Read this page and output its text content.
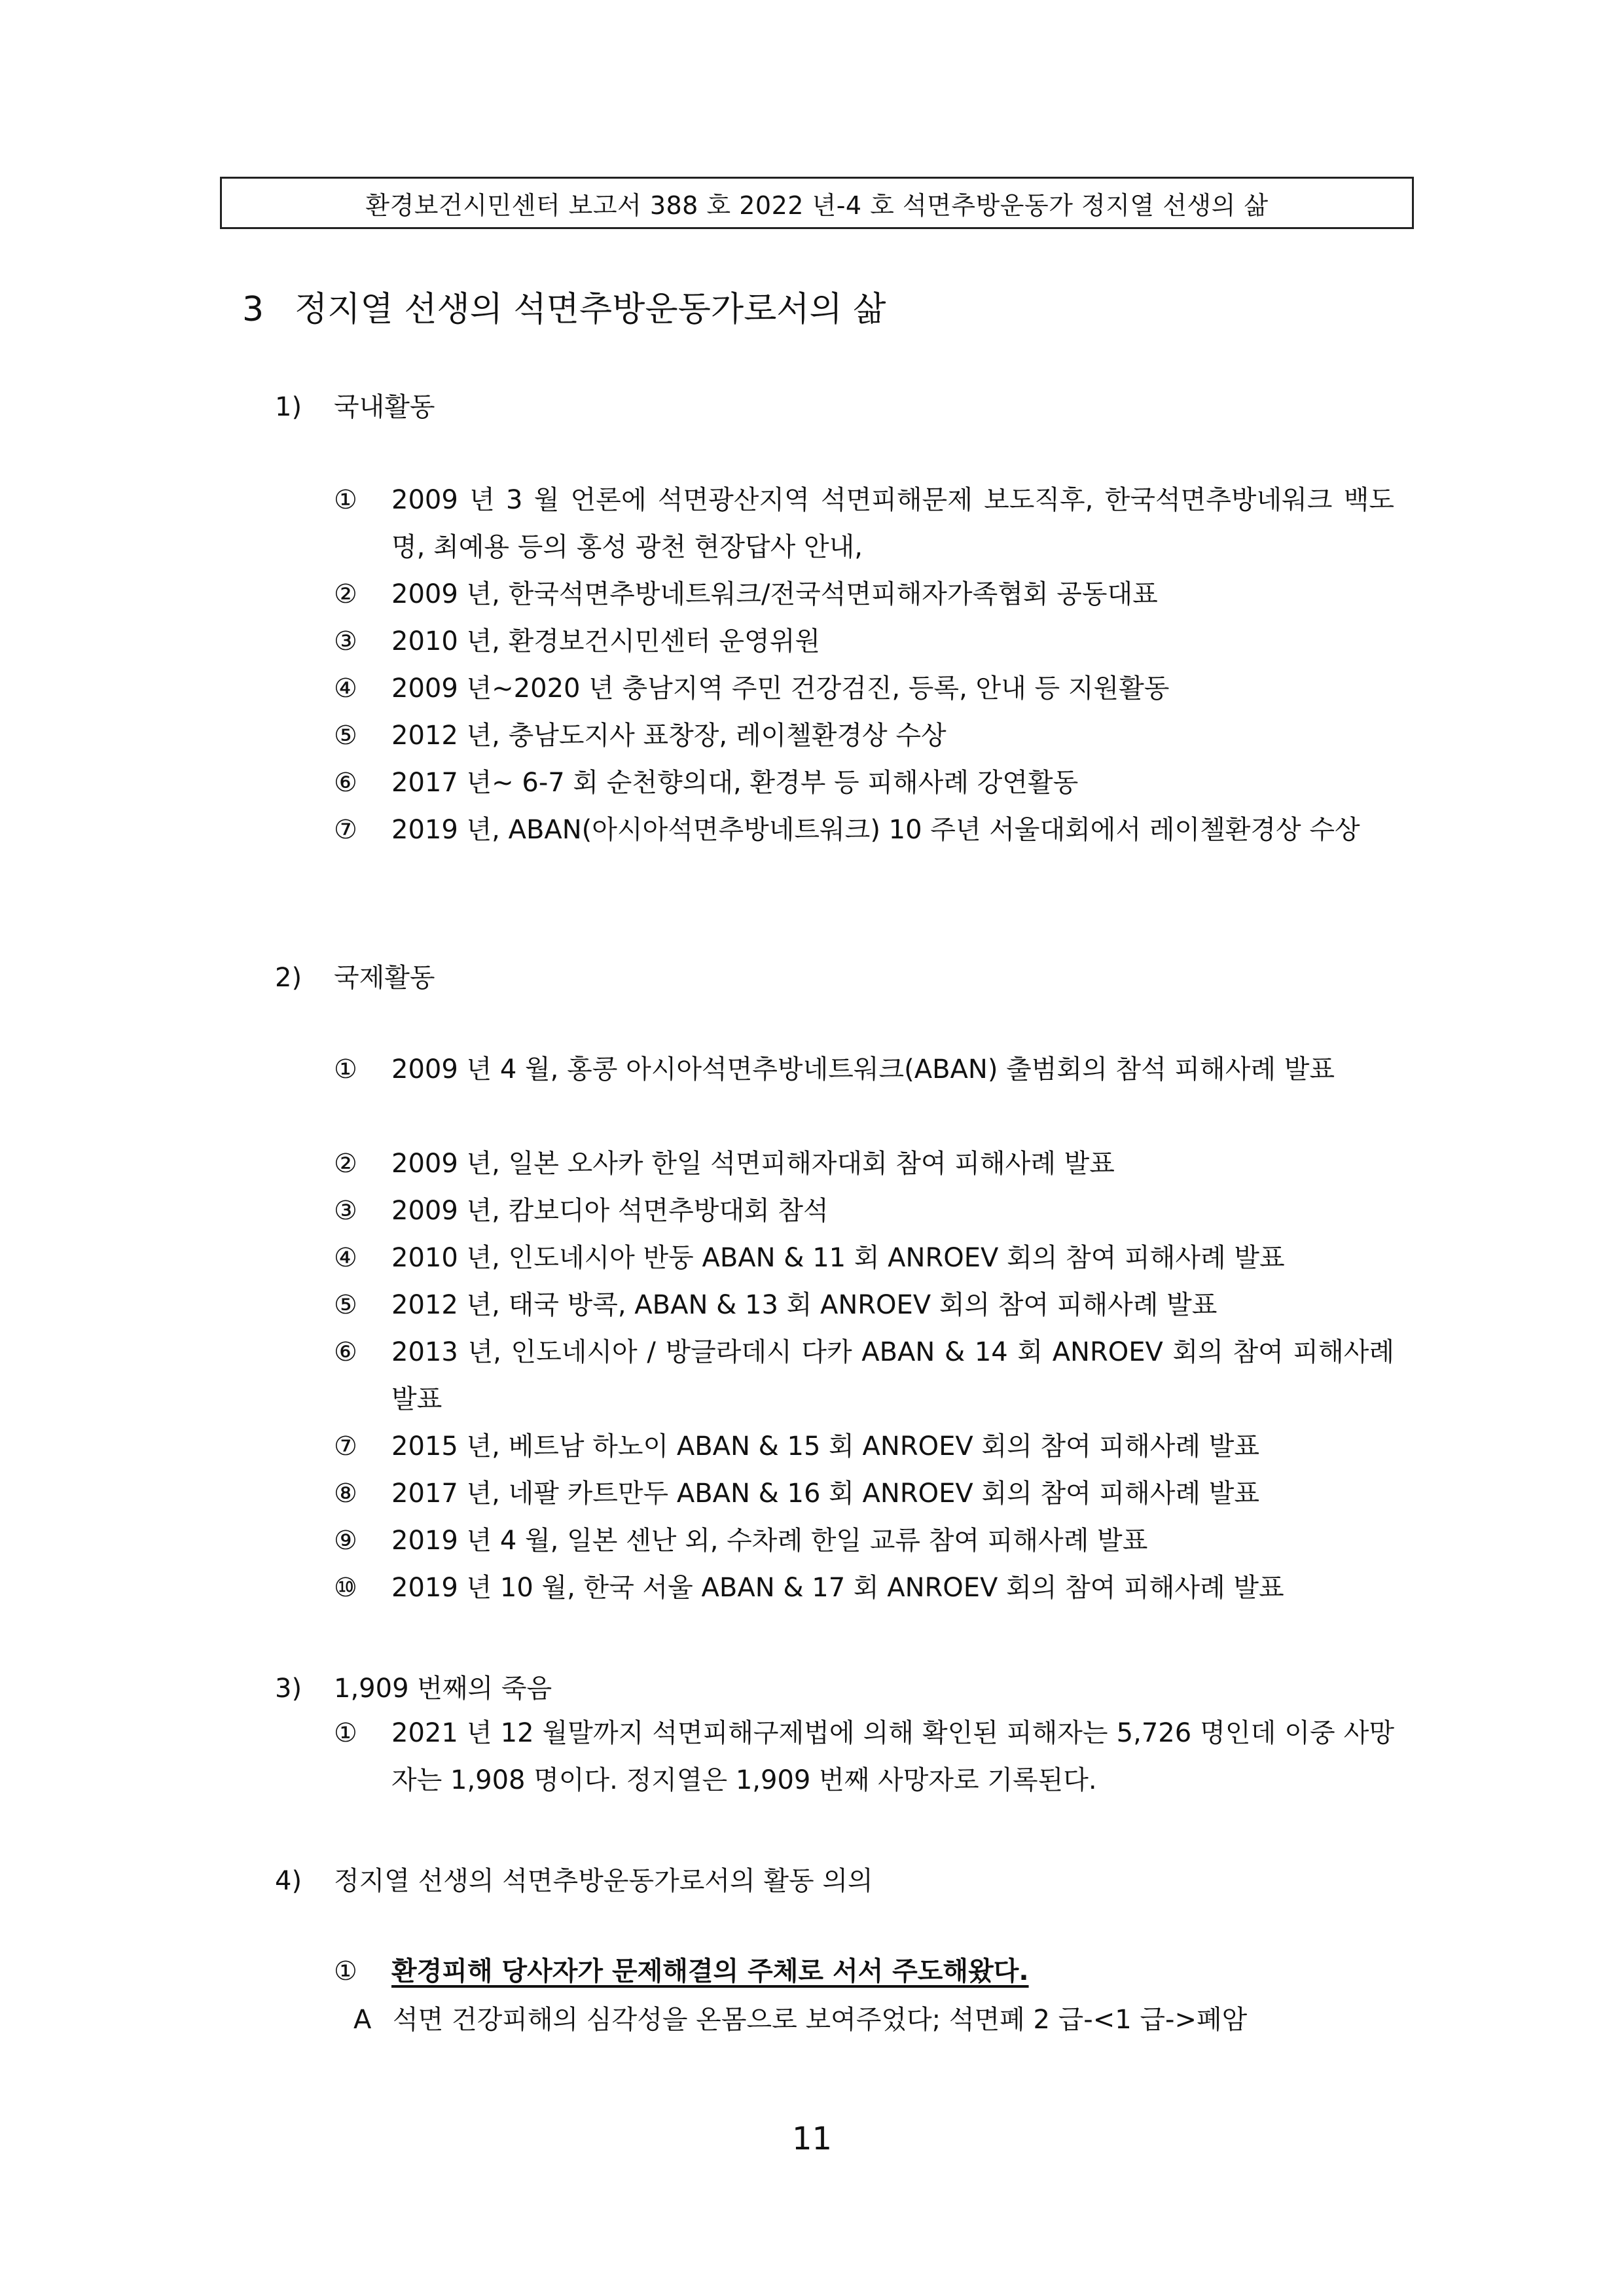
환경보건시민센터 보고서 388 호 2022 년-4 호 석면추방운동가 정지열 선생의 삶
3 정지열 선생의 석면추방운동가로서의 삶
1) 국내활동
①	2009 년 3 월 언론에 석면광산지역 석면피해문제 보도직후, 한국석면추방네워크 백도명, 최예용 등의 홍성 광천 현장답사 안내,
②	2009 년, 한국석면추방네트워크/전국석면피해자가족협회 공동대표
③	2010 년, 환경보건시민센터 운영위원
④	2009 년~2020 년 충남지역 주민 건강검진, 등록, 안내 등 지원활동
⑤	2012 년, 충남도지사 표창장, 레이첼환경상 수상
⑥	2017 년~ 6-7 회 순천향의대, 환경부 등 피해사례 강연활동
⑦	2019 년, ABAN(아시아석면추방네트워크) 10 주년 서울대회에서 레이첼환경상 수상
2) 국제활동
①	2009 년 4 월, 홍콩 아시아석면추방네트워크(ABAN) 출범회의 참석 피해사례 발표
②	2009 년, 일본 오사카 한일 석면피해자대회 참여 피해사례 발표
③	2009 년, 캄보디아 석면추방대회 참석
④	2010 년, 인도네시아 반둥 ABAN & 11 회 ANROEV 회의 참여 피해사례 발표
⑤	2012 년, 태국 방콕, ABAN & 13 회 ANROEV 회의 참여 피해사례 발표
⑥	2013 년, 인도네시아 / 방글라데시 다카 ABAN & 14 회 ANROEV 회의 참여 피해사례 발표
⑦	2015 년, 베트남 하노이 ABAN & 15 회 ANROEV 회의 참여 피해사례 발표
⑧	2017 년, 네팔 카트만두 ABAN & 16 회 ANROEV 회의 참여 피해사례 발표
⑨	2019 년 4 월, 일본 센난 외, 수차례 한일 교류 참여 피해사례 발표
⑩	2019 년 10 월, 한국 서울 ABAN & 17 회 ANROEV 회의 참여 피해사례 발표
3) 1,909 번째의 죽음
①	2021 년 12 월말까지 석면피해구제법에 의해 확인된 피해자는 5,726 명인데 이중 사망자는 1,908 명이다. 정지열은 1,909 번째 사망자로 기록된다.
4) 정지열 선생의 석면추방운동가로서의 활동 의의
①	환경피해 당사자가 문제해결의 주체로 서서 주도해왔다.
A 석면 건강피해의 심각성을 온몸으로 보여주었다; 석면폐 2 급-<1 급->폐암
11
